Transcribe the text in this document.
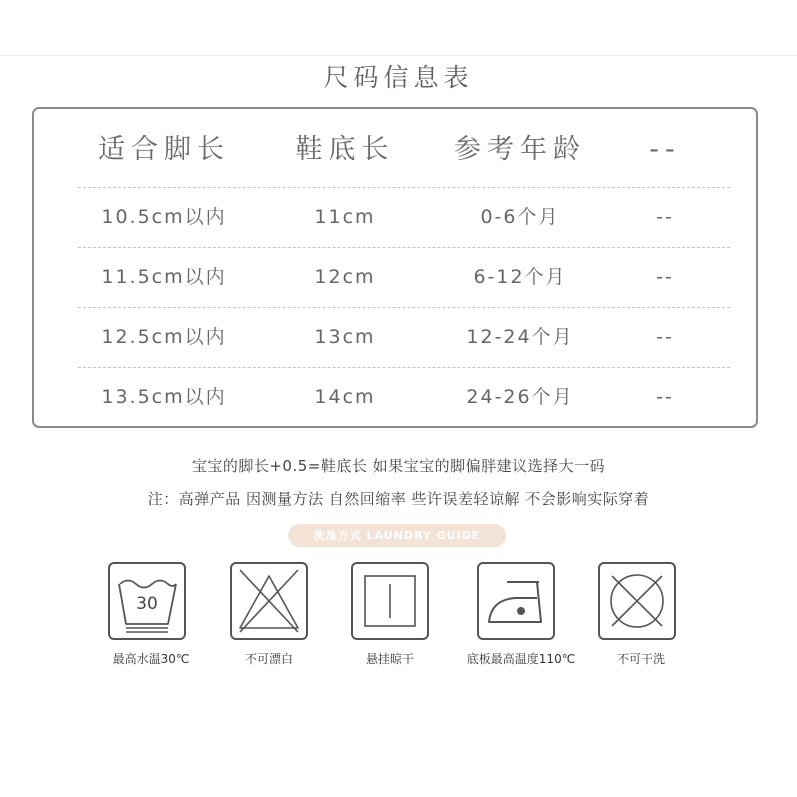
尺码信息表
适合脚长	鞋底长	参考年龄	--
10.5cm以内	11cm	0-6个月	--
11.5cm以内	12cm	6-12个月	--
12.5cm以内	13cm	12-24个月	--
13.5cm以内	14cm	24-26个月	--
宝宝的脚长+0.5=鞋底长 如果宝宝的脚偏胖建议选择大一码
注：高弹产品 因测量方法 自然回缩率 些许误差轻谅解 不会影响实际穿着
洗涤方式 LAUNDRY GUIDE
30
最高水温30℃	不可漂白	悬挂晾干	底板最高温度110℃	不可干洗
